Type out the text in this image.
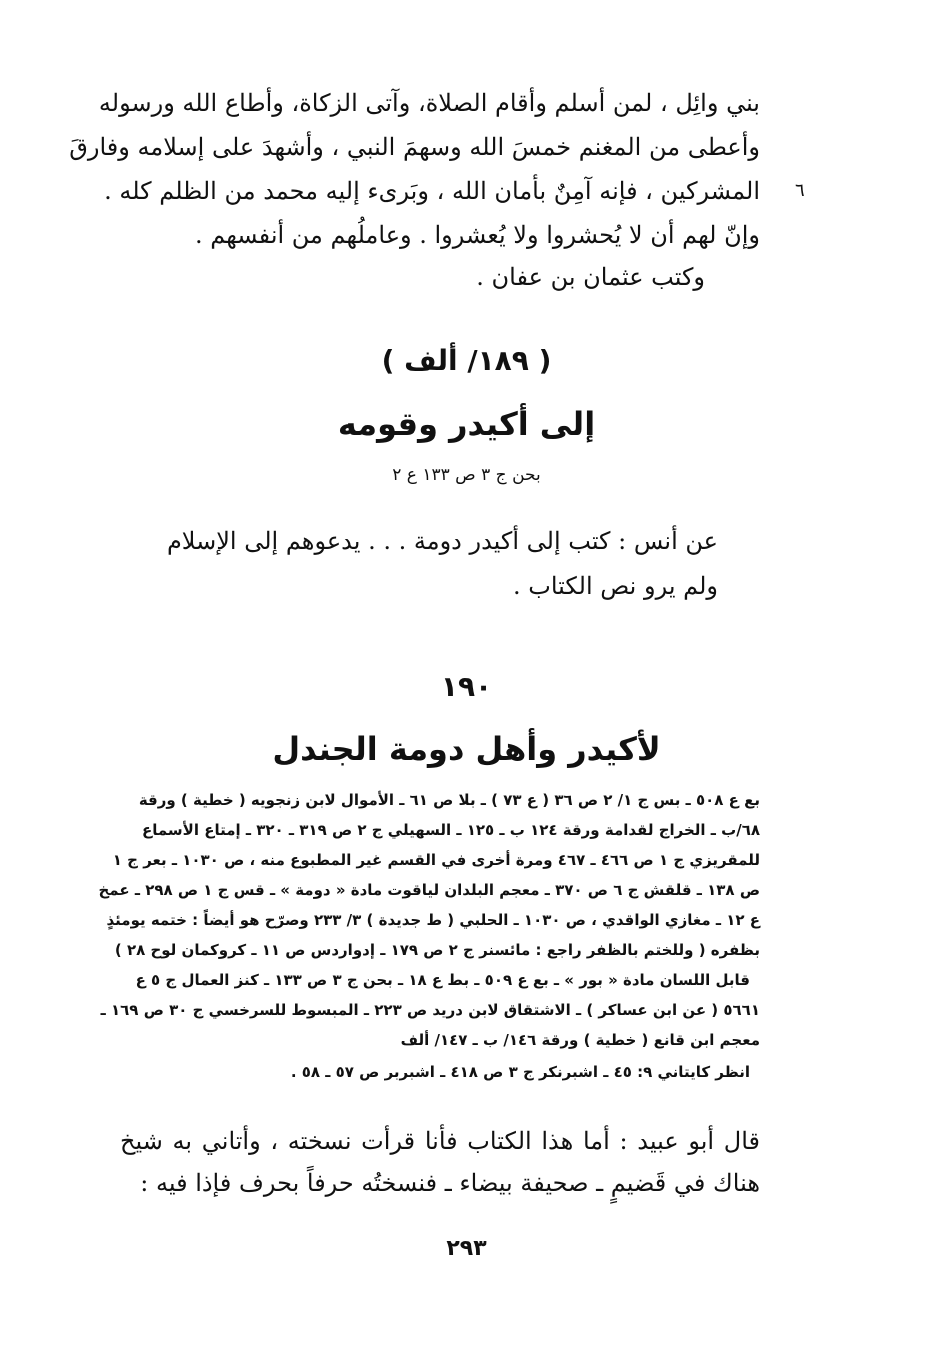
بني وائِل ، لمن أسلم وأقام الصلاة، وآتى الزكاة، وأطاع الله ورسوله
وأعطى من المغنم خمسَ الله وسهمَ النبي ، وأشهدَ على إسلامه وفارقَ
المشركين ، فإنه آمِنٌ بأمان الله ، وبَرىء إليه محمد من الظلم كله .
وإنّ لهم أن لا يُحشروا ولا يُعشروا . وعاملُهم من أنفسهم .
وكتب عثمان بن عفان .
٦
( ١٨٩/ ألف )
إلى أكيدر وقومه
بحن ج ٣ ص ١٣٣ ع ٢
عن أنس : كتب إلى أكيدر دومة . . . يدعوهم إلى الإسلام
ولم يرو نص الكتاب .
١٩٠
لأكيدر وأهل دومة الجندل
بع ع ٥٠٨ ـ بس ج ١/ ٢ ص ٣٦ ( ع ٧٣ ) ـ بلا ص ٦١ ـ الأموال لابن زنجويه ( خطية ) ورقة
٦٨/ب ـ الخراج لقدامة ورقة ١٢٤ ب ـ ١٢٥ ـ السهيلي ج ٢ ص ٣١٩ ـ ٣٢٠ ـ إمتاع الأسماع
للمقريزي ج ١ ص ٤٦٦ ـ ٤٦٧ ومرة أخرى في القسم غير المطبوع منه ، ص ١٠٣٠ ـ بعر ج ١
ص ١٣٨ ـ قلقش ج ٦ ص ٣٧٠ ـ معجم البلدان لياقوت مادة « دومة » ـ قس ج ١ ص ٢٩٨ ـ عمخ
ع ١٢ ـ مغازي الواقدي ، ص ١٠٣٠ ـ الحلبي ( ط جديدة ) ٣/ ٢٣٣ وصرّح هو أيضاً : ختمه يومئذٍ
بظفره ( وللختم بالظفر راجع : مائسنر ج ٢ ص ١٧٩ ـ إدواردس ص ١١ ـ كروكمان لوح ٢٨ )
قابل اللسان مادة « بور » ـ بع ع ٥٠٩ ـ بط ع ١٨ ـ بحن ج ٣ ص ١٣٣ ـ كنز العمال ج ٥ ع
٥٦٦١ ( عن ابن عساكر ) ـ الاشتقاق لابن دريد ص ٢٢٣ ـ المبسوط للسرخسي ج ٣٠ ص ١٦٩ ـ
معجم ابن قانع ( خطية ) ورقة ١٤٦/ ب ـ ١٤٧/ ألف
انظر كايتاني ٩: ٤٥ ـ اشبرنكر ج ٣ ص ٤١٨ ـ اشبربر ص ٥٧ ـ ٥٨ .
قال أبو عبيد : أما هذا الكتاب فأنا قرأت نسخته ، وأتاني به شيخ
هناك في قَضيمٍ ـ صحيفة بيضاء ـ فنسختُه حرفاً بحرف فإذا فيه :
٢٩٣
